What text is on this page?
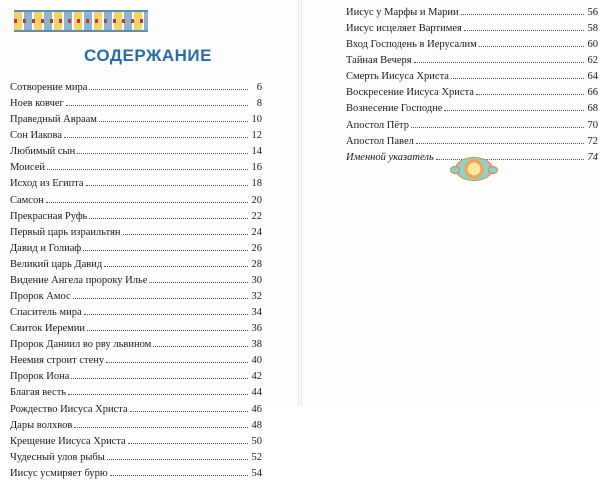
СОДЕРЖАНИЕ
Сотворение мира	6
Ноев ковчег	8
Праведный Авраам	10
Сон Иакова	12
Любимый сын	14
Моисей	16
Исход из Египта	18
Самсон	20
Прекрасная Руфь	22
Первый царь израильтян	24
Давид и Голиаф	26
Великий царь Давид	28
Видение Ангела пророку Илье	30
Пророк Амос	32
Спаситель мира	34
Свиток Иеремии	36
Пророк Даниил во рву львином	38
Неемия строит стену	40
Пророк Иона	42
Благая весть	44
Рождество Иисуса Христа	46
Дары волхвов	48
Крещение Иисуса Христа	50
Чудесный улов рыбы	52
Иисус усмиряет бурю	54
Иисус у Марфы и Марии	56
Иисус исцеляет Вартимея	58
Вход Господень в Иерусалим	60
Тайная Вечеря	62
Смерть Иисуса Христа	64
Воскресение Иисуса Христа	66
Вознесение Господне	68
Апостол Пётр	70
Апостол Павел	72
Именной указатель	74
